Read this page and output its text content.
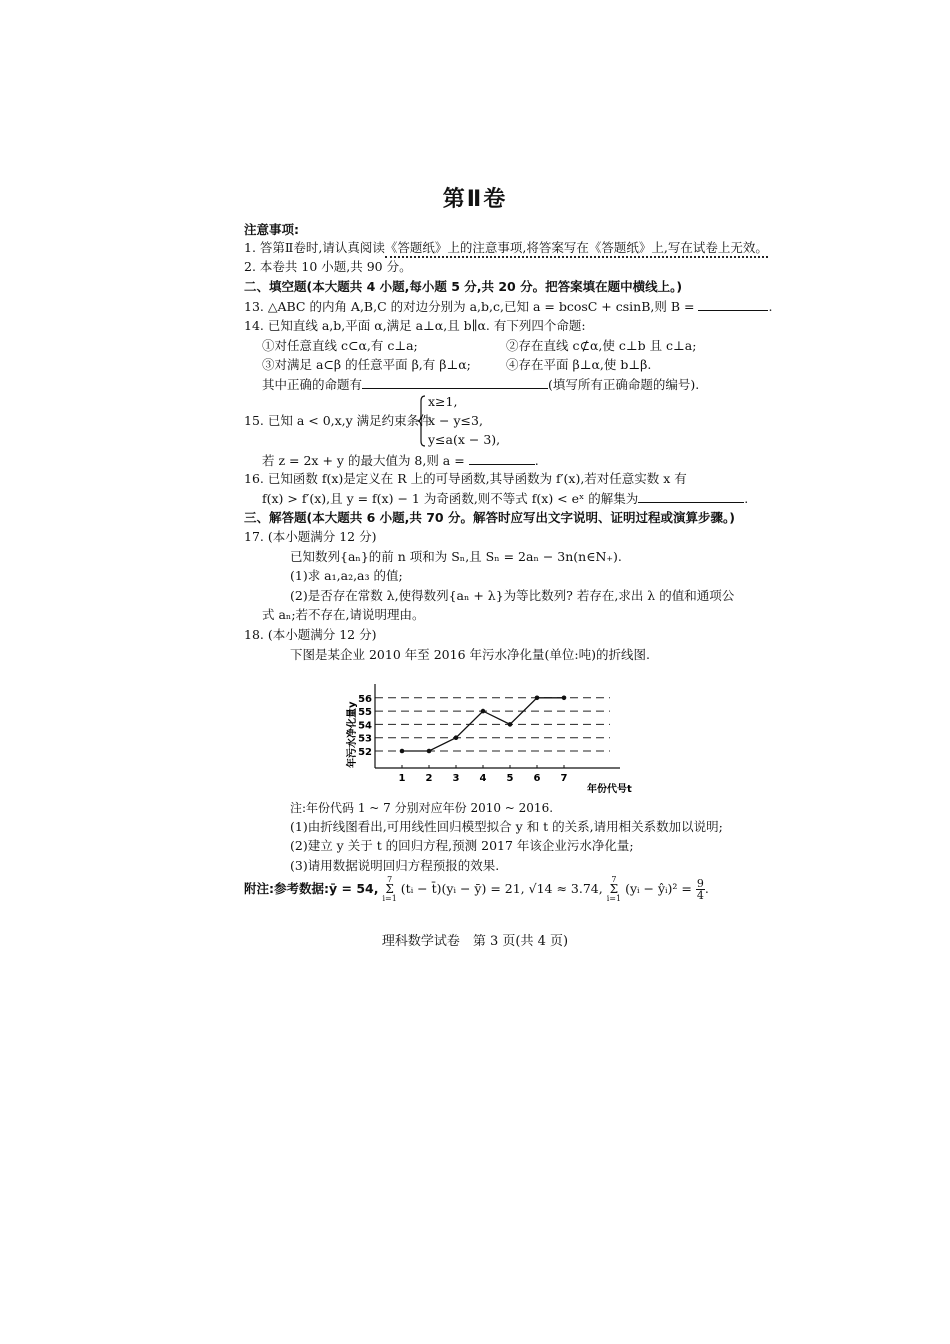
第Ⅱ卷
注意事项:
1. 答第Ⅱ卷时,请认真阅读《答题纸》上的注意事项,将答案写在《答题纸》上,写在试卷上无效。
2. 本卷共 10 小题,共 90 分。
二、填空题(本大题共 4 小题,每小题 5 分,共 20 分。把答案填在题中横线上。)
13. △ABC 的内角 A,B,C 的对边分别为 a,b,c,已知 a = bcosC + csinB,则 B =	.
14. 已知直线 a,b,平面 α,满足 a⊥α,且 b∥α. 有下列四个命题:
①对任意直线 c⊂α,有 c⊥a;	②存在直线 c⊄α,使 c⊥b 且 c⊥a;
③对满足 a⊂β 的任意平面 β,有 β⊥α;	④存在平面 β⊥α,使 b⊥β.
其中正确的命题有	(填写所有正确命题的编号).
15. 已知 a < 0,x,y 满足约束条件
x≥1,
x − y≤3,
y≤a(x − 3),
若 z = 2x + y 的最大值为 8,则 a =	.
16. 已知函数 f(x)是定义在 R 上的可导函数,其导函数为 f′(x),若对任意实数 x 有
f(x) > f′(x),且 y = f(x) − 1 为奇函数,则不等式 f(x) < eˣ 的解集为	.
三、解答题(本大题共 6 小题,共 70 分。解答时应写出文字说明、证明过程或演算步骤。)
17. (本小题满分 12 分)
已知数列{aₙ}的前 n 项和为 Sₙ,且 Sₙ = 2aₙ − 3n(n∈N₊).
(1)求 a₁,a₂,a₃ 的值;
(2)是否存在常数 λ,使得数列{aₙ + λ}为等比数列? 若存在,求出 λ 的值和通项公
式 aₙ;若不存在,请说明理由。
18. (本小题满分 12 分)
下图是某企业 2010 年至 2016 年污水净化量(单位:吨)的折线图.
52
53
54
55
56
1 2 3 4 5 6 7
年份代号t
年污水净化量y
注:年份代码 1 ~ 7 分别对应年份 2010 ~ 2016.
(1)由折线图看出,可用线性回归模型拟合 y 和 t 的关系,请用相关系数加以说明;
(2)建立 y 关于 t 的回归方程,预测 2017 年该企业污水净化量;
(3)请用数据说明回归方程预报的效果.
附注:参考数据:ȳ = 54,
7
Σ
i=1
(tᵢ − t̄)(yᵢ − ȳ) = 21, √14 ≈ 3.74,
7
Σ
i=1
(yᵢ − ŷᵢ)² = $\frac{9}{4}$ .
理科数学试卷　第 3 页(共 4 页)
